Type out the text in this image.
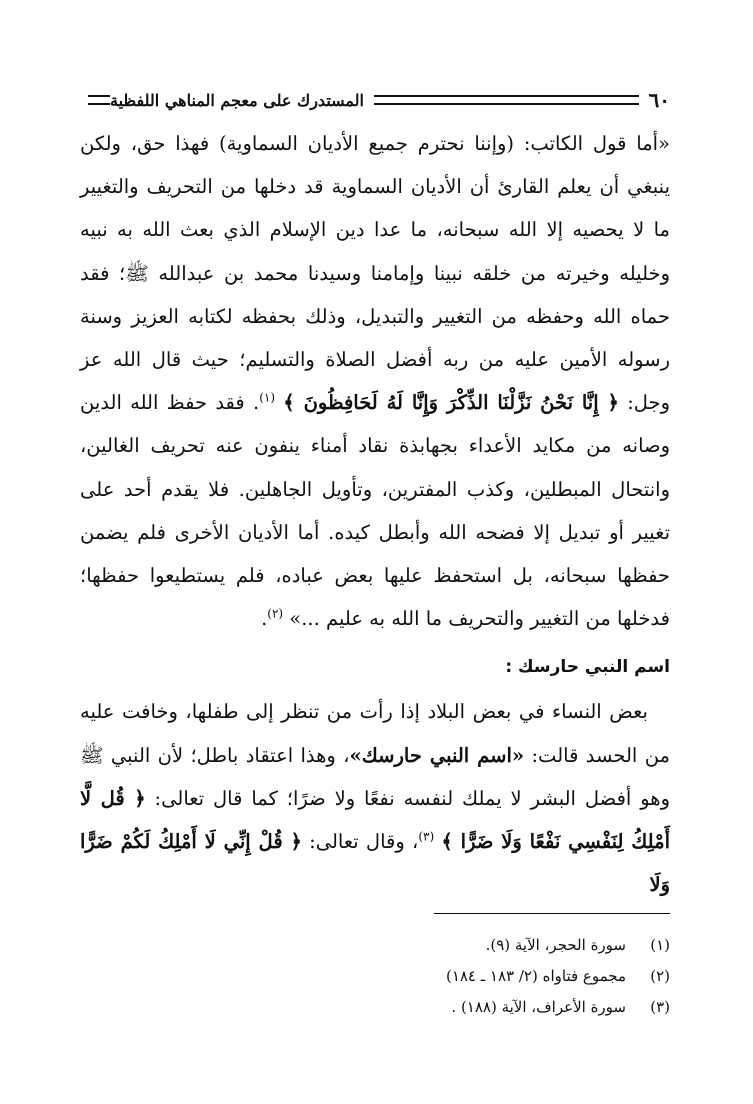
٦٠
المستدرك على معجم المناهي اللفظية

«أما قول الكاتب: (وإننا نحترم جميع الأديان السماوية) فهذا حق، ولكن ينبغي أن يعلم القارئ أن الأديان السماوية قد دخلها من التحريف والتغيير ما لا يحصيه إلا الله سبحانه، ما عدا دين الإسلام الذي بعث الله به نبيه وخليله وخيرته من خلقه نبينا وإمامنا وسيدنا محمد بن عبدالله ﷺ؛ فقد حماه الله وحفظه من التغيير والتبديل، وذلك بحفظه لكتابه العزيز وسنة رسوله الأمين عليه من ربه أفضل الصلاة والتسليم؛ حيث قال الله عز وجل: ﴿ إِنَّا نَحْنُ نَزَّلْنَا الذِّكْرَ وَإِنَّا لَهُ لَحَافِظُونَ ﴾ $^{(١)}$. فقد حفظ الله الدين وصانه من مكايد الأعداء بجهابذة نقاد أمناء ينفون عنه تحريف الغالين، وانتحال المبطلين، وكذب المفترين، وتأويل الجاهلين. فلا يقدم أحد على تغيير أو تبديل إلا فضحه الله وأبطل كيده. أما الأديان الأخرى فلم يضمن حفظها سبحانه، بل استحفظ عليها بعض عباده، فلم يستطيعوا حفظها؛ فدخلها من التغيير والتحريف ما الله به عليم ...» $^{(٢)}$.

اسم النبي حارسك :

بعض النساء في بعض البلاد إذا رأت من تنظر إلى طفلها، وخافت عليه من الحسد قالت: «اسم النبي حارسك»، وهذا اعتقاد باطل؛ لأن النبي ﷺ وهو أفضل البشر لا يملك لنفسه نفعًا ولا ضرًا؛ كما قال تعالى: ﴿ قُل لَّا أَمْلِكُ لِنَفْسِي نَفْعًا وَلَا ضَرًّا ﴾ $^{(٣)}$، وقال تعالى: ﴿ قُلْ إِنِّي لَا أَمْلِكُ لَكُمْ ضَرًّا وَلَا

(١)
سورة الحجر، الآية (٩).
(٢)
مجموع فتاواه (٢/ ١٨٣ ـ ١٨٤)
(٣)
سورة الأعراف، الآية (١٨٨) .
